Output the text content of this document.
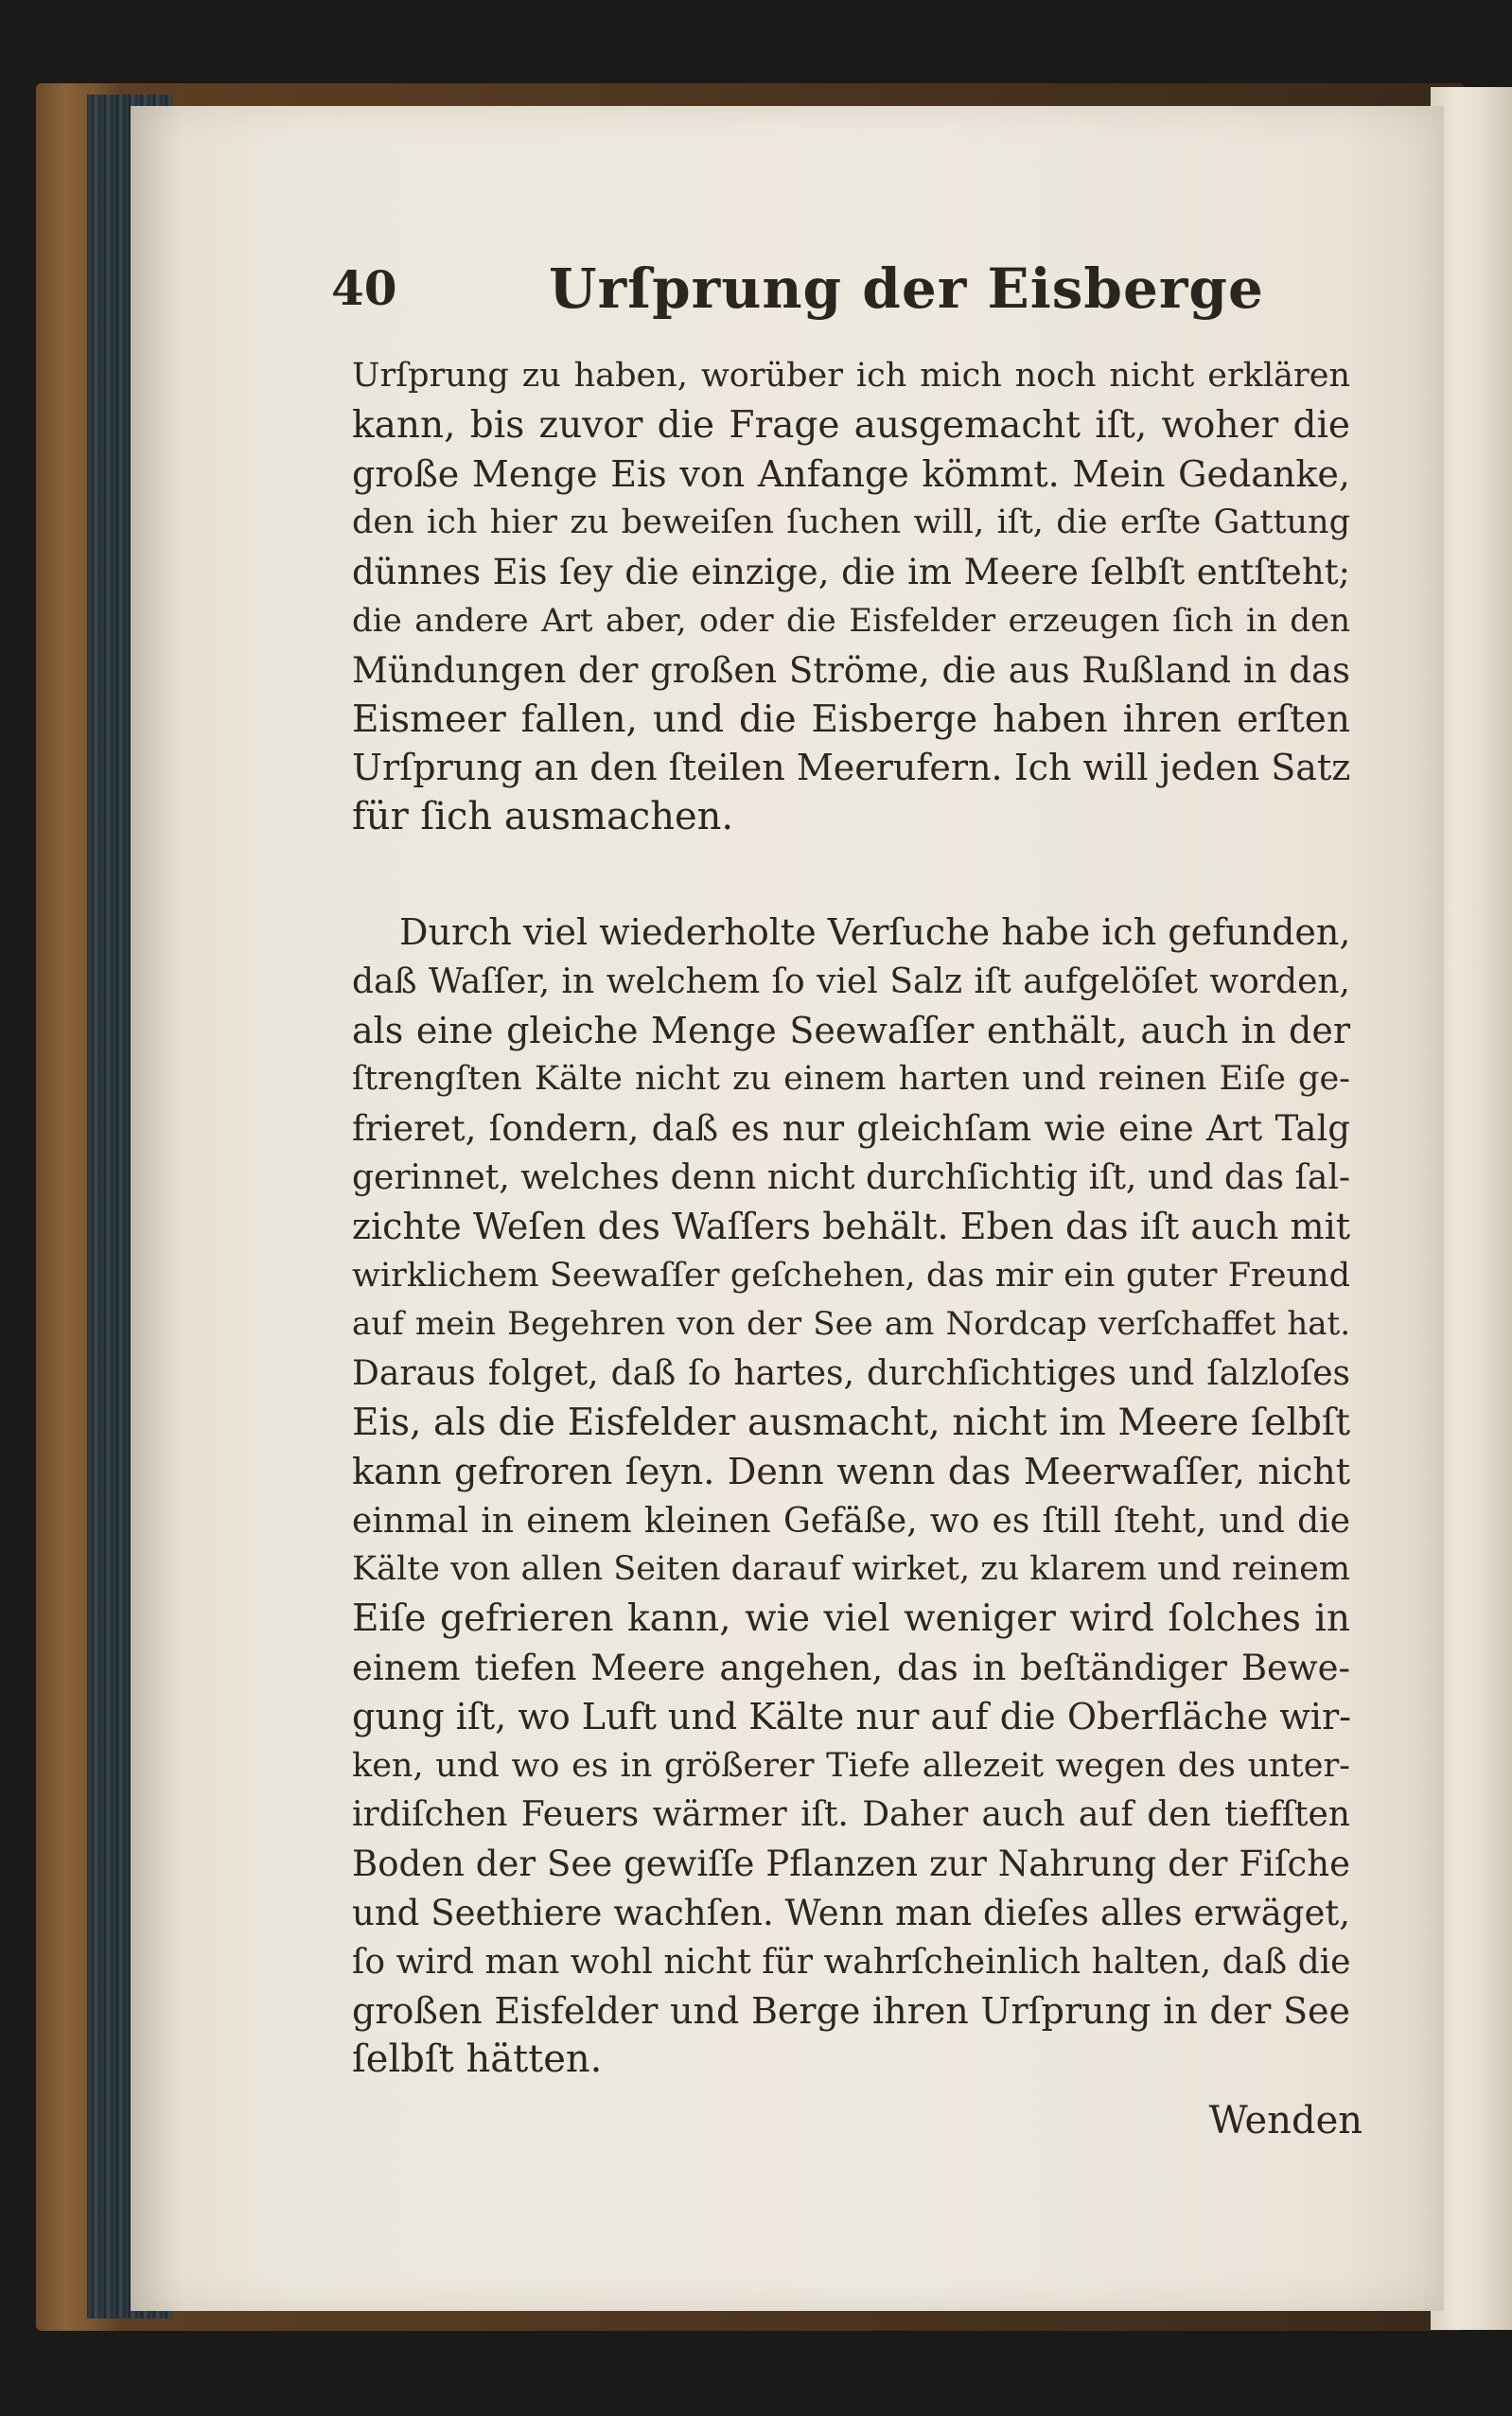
40	Urſprung der Eisberge
Urſprung zu haben, worüber ich mich noch nicht erklären
kann, bis zuvor die Frage ausgemacht iſt, woher die
große Menge Eis von Anfange kömmt. Mein Gedanke,
den ich hier zu beweiſen ſuchen will, iſt, die erſte Gattung
dünnes Eis ſey die einzige, die im Meere ſelbſt entſteht;
die andere Art aber, oder die Eisfelder erzeugen ſich in den
Mündungen der großen Ströme, die aus Rußland in das
Eismeer fallen, und die Eisberge haben ihren erſten
Urſprung an den ſteilen Meerufern. Ich will jeden Satz
für ſich ausmachen.
Durch viel wiederholte Verſuche habe ich gefunden,
daß Waſſer, in welchem ſo viel Salz iſt aufgelöſet worden,
als eine gleiche Menge Seewaſſer enthält, auch in der
ſtrengſten Kälte nicht zu einem harten und reinen Eiſe ge-
frieret, ſondern, daß es nur gleichſam wie eine Art Talg
gerinnet, welches denn nicht durchſichtig iſt, und das ſal-
zichte Weſen des Waſſers behält. Eben das iſt auch mit
wirklichem Seewaſſer geſchehen, das mir ein guter Freund
auf mein Begehren von der See am Nordcap verſchaffet hat.
Daraus folget, daß ſo hartes, durchſichtiges und ſalzloſes
Eis, als die Eisfelder ausmacht, nicht im Meere ſelbſt
kann gefroren ſeyn. Denn wenn das Meerwaſſer, nicht
einmal in einem kleinen Gefäße, wo es ſtill ſteht, und die
Kälte von allen Seiten darauf wirket, zu klarem und reinem
Eiſe gefrieren kann, wie viel weniger wird ſolches in
einem tiefen Meere angehen, das in beſtändiger Bewe-
gung iſt, wo Luft und Kälte nur auf die Oberfläche wir-
ken, und wo es in größerer Tiefe allezeit wegen des unter-
irdiſchen Feuers wärmer iſt. Daher auch auf den tiefſten
Boden der See gewiſſe Pflanzen zur Nahrung der Fiſche
und Seethiere wachſen. Wenn man dieſes alles erwäget,
ſo wird man wohl nicht für wahrſcheinlich halten, daß die
großen Eisfelder und Berge ihren Urſprung in der See
ſelbſt hätten.
Wenden
